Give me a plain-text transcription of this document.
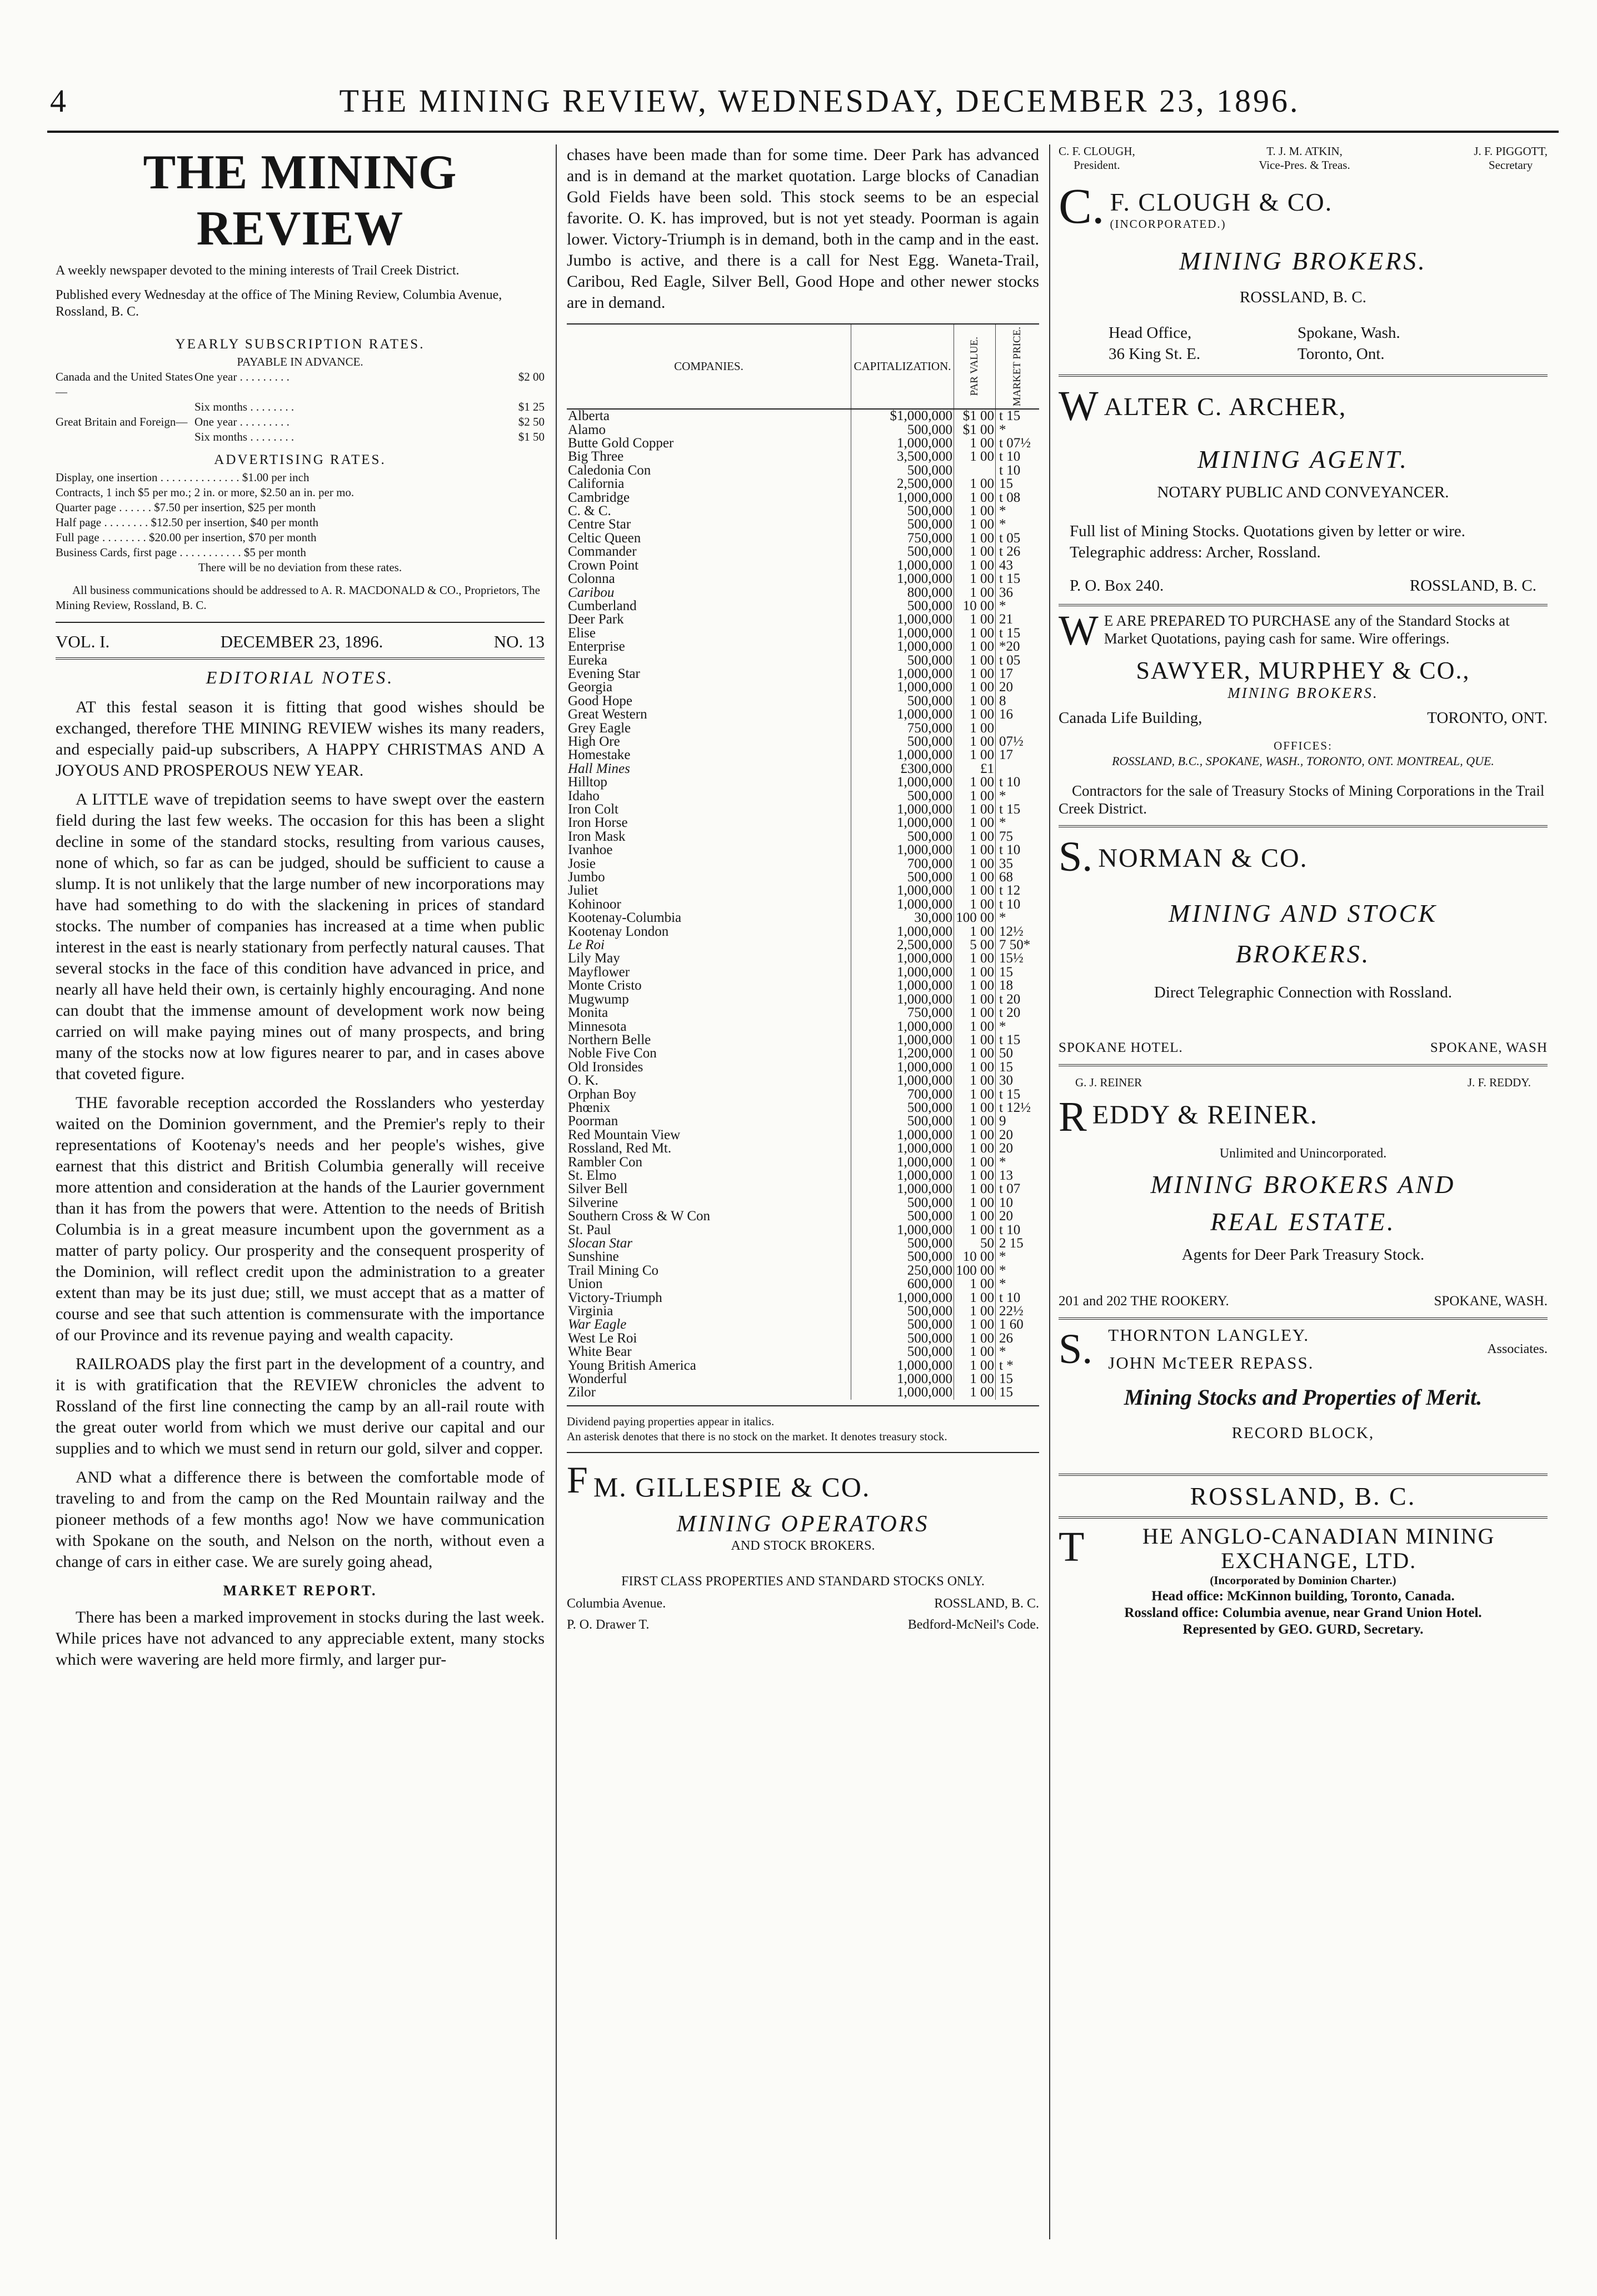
4	THE MINING REVIEW, WEDNESDAY, DECEMBER 23, 1896.
THE MINING REVIEW

A weekly newspaper devoted to the mining interests of Trail Creek District.

Published every Wednesday at the office of The Mining Review, Columbia Avenue, Rossland, B. C.

YEARLY SUBSCRIPTION RATES.
PAYABLE IN ADVANCE.
Canada and the United States—
One year . . . . . . . . .	$2 00
Six months . . . . . . . .	$1 25
Great Britain and Foreign— One year . . . . . . . . .	$2 50
Six months . . . . . . . .	$1 50
ADVERTISING RATES.
Display, one insertion . . . . . . . . . . . . . . $1.00 per inch
Contracts, 1 inch $5 per mo.; 2 in. or more, $2.50 an in. per mo.
Quarter page . . . . . . $7.50 per insertion, $25 per month
Half page . . . . . . . . $12.50 per insertion, $40 per month
Full page . . . . . . . . $20.00 per insertion, $70 per month
Business Cards, first page . . . . . . . . . . . $5 per month

There will be no deviation from these rates.

All business communications should be addressed to A. R. MACDONALD & CO., Proprietors, The Mining Review, Rossland, B. C.

VOL. I.	DECEMBER 23, 1896.	NO. 13
EDITORIAL NOTES.

AT this festal season it is fitting that good wishes should be exchanged, therefore THE MINING REVIEW wishes its many readers, and especially paid-up subscribers, A HAPPY CHRISTMAS AND A JOYOUS AND PROSPEROUS NEW YEAR.

A LITTLE wave of trepidation seems to have swept over the eastern field during the last few weeks. The occasion for this has been a slight decline in some of the standard stocks, resulting from various causes, none of which, so far as can be judged, should be sufficient to cause a slump. It is not unlikely that the large number of new incorporations may have had something to do with the slackening in prices of standard stocks. The number of companies has increased at a time when public interest in the east is nearly stationary from perfectly natural causes. That several stocks in the face of this condition have advanced in price, and nearly all have held their own, is certainly highly encouraging. And none can doubt that the immense amount of development work now being carried on will make paying mines out of many prospects, and bring many of the stocks now at low figures nearer to par, and in cases above that coveted figure.

THE favorable reception accorded the Rosslanders who yesterday waited on the Dominion government, and the Premier's reply to their representations of Kootenay's needs and her people's wishes, give earnest that this district and British Columbia generally will receive more attention and consideration at the hands of the Laurier government than it has from the powers that were. Attention to the needs of British Columbia is in a great measure incumbent upon the government as a matter of party policy. Our prosperity and the consequent prosperity of the Dominion, will reflect credit upon the administration to a greater extent than may be its just due; still, we must accept that as a matter of course and see that such attention is commensurate with the importance of our Province and its revenue paying and wealth capacity.

RAILROADS play the first part in the development of a country, and it is with gratification that the REVIEW chronicles the advent to Rossland of the first line connecting the camp by an all-rail route with the great outer world from which we must derive our capital and our supplies and to which we must send in return our gold, silver and copper.

AND what a difference there is between the comfortable mode of traveling to and from the camp on the Red Mountain railway and the pioneer methods of a few months ago! Now we have communication with Spokane on the south, and Nelson on the north, without even a change of cars in either case. We are surely going ahead,

MARKET REPORT.

There has been a marked improvement in stocks during the last week. While prices have not advanced to any appreciable extent, many stocks which were wavering are held more firmly, and larger pur-

chases have been made than for some time. Deer Park has advanced and is in demand at the market quotation. Large blocks of Canadian Gold Fields have been sold. This stock seems to be an especial favorite. O. K. has improved, but is not yet steady. Poorman is again lower. Victory-Triumph is in demand, both in the camp and in the east. Jumbo is active, and there is a call for Nest Egg. Waneta-Trail, Caribou, Red Eagle, Silver Bell, Good Hope and other newer stocks are in demand.

COMPANIES.	CAPITALIZATION.	PAR VALUE.	MARKET PRICE.

Alberta	$1,000,000	$1 00	t 15
Alamo	500,000	$1 00	*
Butte Gold Copper	1,000,000	1 00	t 07½
Big Three	3,500,000	1 00	t 10
Caledonia Con	500,000		t 10
California	2,500,000	1 00	15
Cambridge	1,000,000	1 00	t 08
C. & C.	500,000	1 00	*
Centre Star	500,000	1 00	*
Celtic Queen	750,000	1 00	t 05
Commander	500,000	1 00	t 26
Crown Point	1,000,000	1 00	43
Colonna	1,000,000	1 00	t 15
Caribou	800,000	1 00	36
Cumberland	500,000	10 00	*
Deer Park	1,000,000	1 00	21
Elise	1,000,000	1 00	t 15
Enterprise	1,000,000	1 00	*20
Eureka	500,000	1 00	t 05
Evening Star	1,000,000	1 00	17
Georgia	1,000,000	1 00	20
Good Hope	500,000	1 00	8
Great Western	1,000,000	1 00	16
Grey Eagle	750,000	1 00	
High Ore	500,000	1 00	07½
Homestake	1,000,000	1 00	17
Hall Mines	£300,000	£1	
Hilltop	1,000,000	1 00	t 10
Idaho	500,000	1 00	*
Iron Colt	1,000,000	1 00	t 15
Iron Horse	1,000,000	1 00	*
Iron Mask	500,000	1 00	75
Ivanhoe	1,000,000	1 00	t 10
Josie	700,000	1 00	35
Jumbo	500,000	1 00	68
Juliet	1,000,000	1 00	t 12
Kohinoor	1,000,000	1 00	t 10
Kootenay-Columbia	30,000	100 00	*
Kootenay London	1,000,000	1 00	12½
Le Roi	2,500,000	5 00	7 50*
Lily May	1,000,000	1 00	15½
Mayflower	1,000,000	1 00	15
Monte Cristo	1,000,000	1 00	18
Mugwump	1,000,000	1 00	t 20
Monita	750,000	1 00	t 20
Minnesota	1,000,000	1 00	*
Northern Belle	1,000,000	1 00	t 15
Noble Five Con	1,200,000	1 00	50
Old Ironsides	1,000,000	1 00	15
O. K.	1,000,000	1 00	30
Orphan Boy	700,000	1 00	t 15
Phœnix	500,000	1 00	t 12½
Poorman	500,000	1 00	9
Red Mountain View	1,000,000	1 00	20
Rossland, Red Mt.	1,000,000	1 00	20
Rambler Con	1,000,000	1 00	*
St. Elmo	1,000,000	1 00	13
Silver Bell	1,000,000	1 00	t 07
Silverine	500,000	1 00	10
Southern Cross & W Con	500,000	1 00	20
St. Paul	1,000,000	1 00	t 10
Slocan Star	500,000	50	2 15
Sunshine	500,000	10 00	*
Trail Mining Co	250,000	100 00	*
Union	600,000	1 00	*
Victory-Triumph	1,000,000	1 00	t 10
Virginia	500,000	1 00	22½
War Eagle	500,000	1 00	1 60
West Le Roi	500,000	1 00	26
White Bear	500,000	1 00	*
Young British America	1,000,000	1 00	t *
Wonderful	1,000,000	1 00	15
Zilor	1,000,000	1 00	15

Dividend paying properties appear in italics.

An asterisk denotes that there is no stock on the market. It denotes treasury stock.

F M. GILLESPIE & CO.
MINING OPERATORS
AND STOCK BROKERS.
FIRST CLASS PROPERTIES AND STANDARD STOCKS ONLY.
Columbia Avenue.	ROSSLAND, B. C.
P. O. Drawer T.	Bedford-McNeil's Code.
C. F. CLOUGH,
President.
T. J. M. ATKIN,
Vice-Pres. & Treas.
J. F. PIGGOTT,
Secretary
C. F. CLOUGH & CO.
(INCORPORATED.)
MINING BROKERS.
ROSSLAND, B. C.
Head Office,	Spokane, Wash.
36 King St. E.	Toronto, Ont.
W ALTER C. ARCHER,
MINING AGENT.
NOTARY PUBLIC AND CONVEYANCER.

Full list of Mining Stocks. Quotations given by letter or wire.

Telegraphic address: Archer, Rossland.

P. O. Box 240.	ROSSLAND, B. C.
W E ARE PREPARED TO PURCHASE any of the Standard Stocks at Market Quotations, paying cash for same. Wire offerings.

SAWYER, MURPHEY & CO.,
MINING BROKERS.
Canada Life Building,	TORONTO, ONT.
OFFICES:
ROSSLAND, B.C., SPOKANE, WASH., TORONTO, ONT. MONTREAL, QUE.

Contractors for the sale of Treasury Stocks of Mining Corporations in the Trail Creek District.

S. NORMAN & CO.
MINING AND STOCK
BROKERS.
Direct Telegraphic Connection with Rossland.
SPOKANE HOTEL.	SPOKANE, WASH
G. J. REINER	J. F. REDDY.
R EDDY & REINER.
Unlimited and Unincorporated.
MINING BROKERS AND
REAL ESTATE.
Agents for Deer Park Treasury Stock.
201 and 202 THE ROOKERY.	SPOKANE, WASH.
S. THORNTON LANGLEY.
JOHN McTEER REPASS.
Associates.
Mining Stocks and Properties of Merit.
RECORD BLOCK,
ROSSLAND, B. C.
T	HE ANGLO-CANADIAN MINING EXCHANGE, LTD.
(Incorporated by Dominion Charter.)
Head office: McKinnon building, Toronto, Canada.
Rossland office: Columbia avenue, near Grand Union Hotel.
Represented by GEO. GURD, Secretary.
